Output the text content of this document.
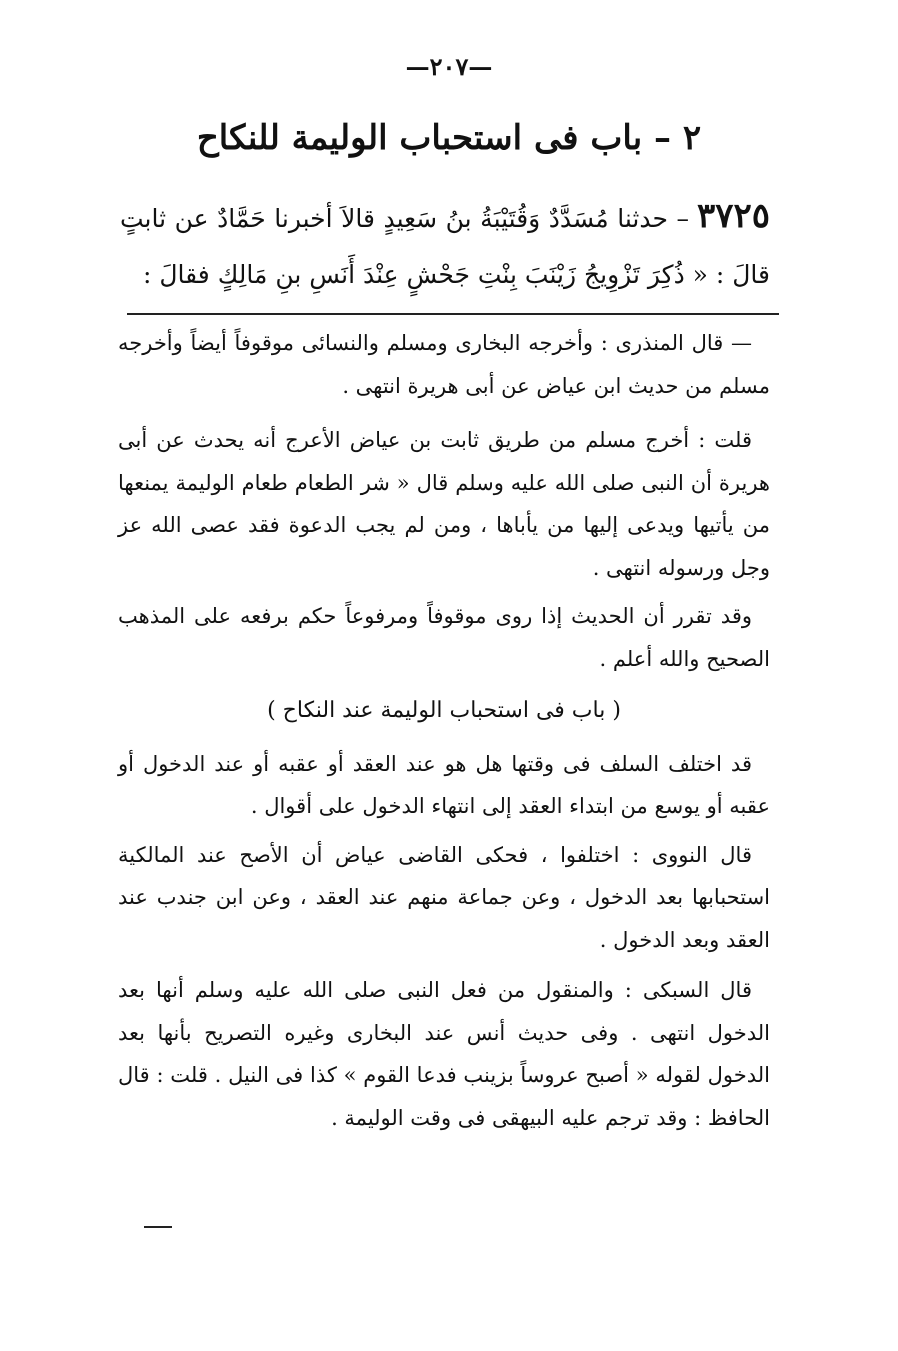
—٢٠٧—
٢ – باب فى استحباب الوليمة للنكاح
٣٧٢٥– حدثنا مُسَدَّدٌ وَقُتَيْبَةُ بنُ سَعِيدٍ قالاَ أخبرنا حَمَّادٌ عن ثابتٍ قالَ : « ذُكِرَ تَزْوِيجُ زَيْنَبَ بِنْتِ جَحْشٍ عِنْدَ أَنَسِ بنِ مَالِكٍ فقالَ :

— قال المنذرى : وأخرجه البخارى ومسلم والنسائى موقوفاً أيضاً وأخرجه مسلم من حديث ابن عياض عن أبى هريرة انتهى .

قلت : أخرج مسلم من طريق ثابت بن عياض الأعرج أنه يحدث عن أبى هريرة أن النبى صلى الله عليه وسلم قال « شر الطعام طعام الوليمة يمنعها من يأتيها ويدعى إليها من يأباها ، ومن لم يجب الدعوة فقد عصى الله عز وجل ورسوله انتهى .

وقد تقرر أن الحديث إذا روى موقوفاً ومرفوعاً حكم برفعه على المذهب الصحيح والله أعلم .

( باب فى استحباب الوليمة عند النكاح )

قد اختلف السلف فى وقتها هل هو عند العقد أو عقبه أو عند الدخول أو عقبه أو يوسع من ابتداء العقد إلى انتهاء الدخول على أقوال .

قال النووى : اختلفوا ، فحكى القاضى عياض أن الأصح عند المالكية استحبابها بعد الدخول ، وعن جماعة منهم عند العقد ، وعن ابن جندب عند العقد وبعد الدخول .

قال السبكى : والمنقول من فعل النبى صلى الله عليه وسلم أنها بعد الدخول انتهى . وفى حديث أنس عند البخارى وغيره التصريح بأنها بعد الدخول لقوله « أصبح عروساً بزينب فدعا القوم » كذا فى النيل . قلت : قال الحافظ : وقد ترجم عليه البيهقى فى وقت الوليمة .
